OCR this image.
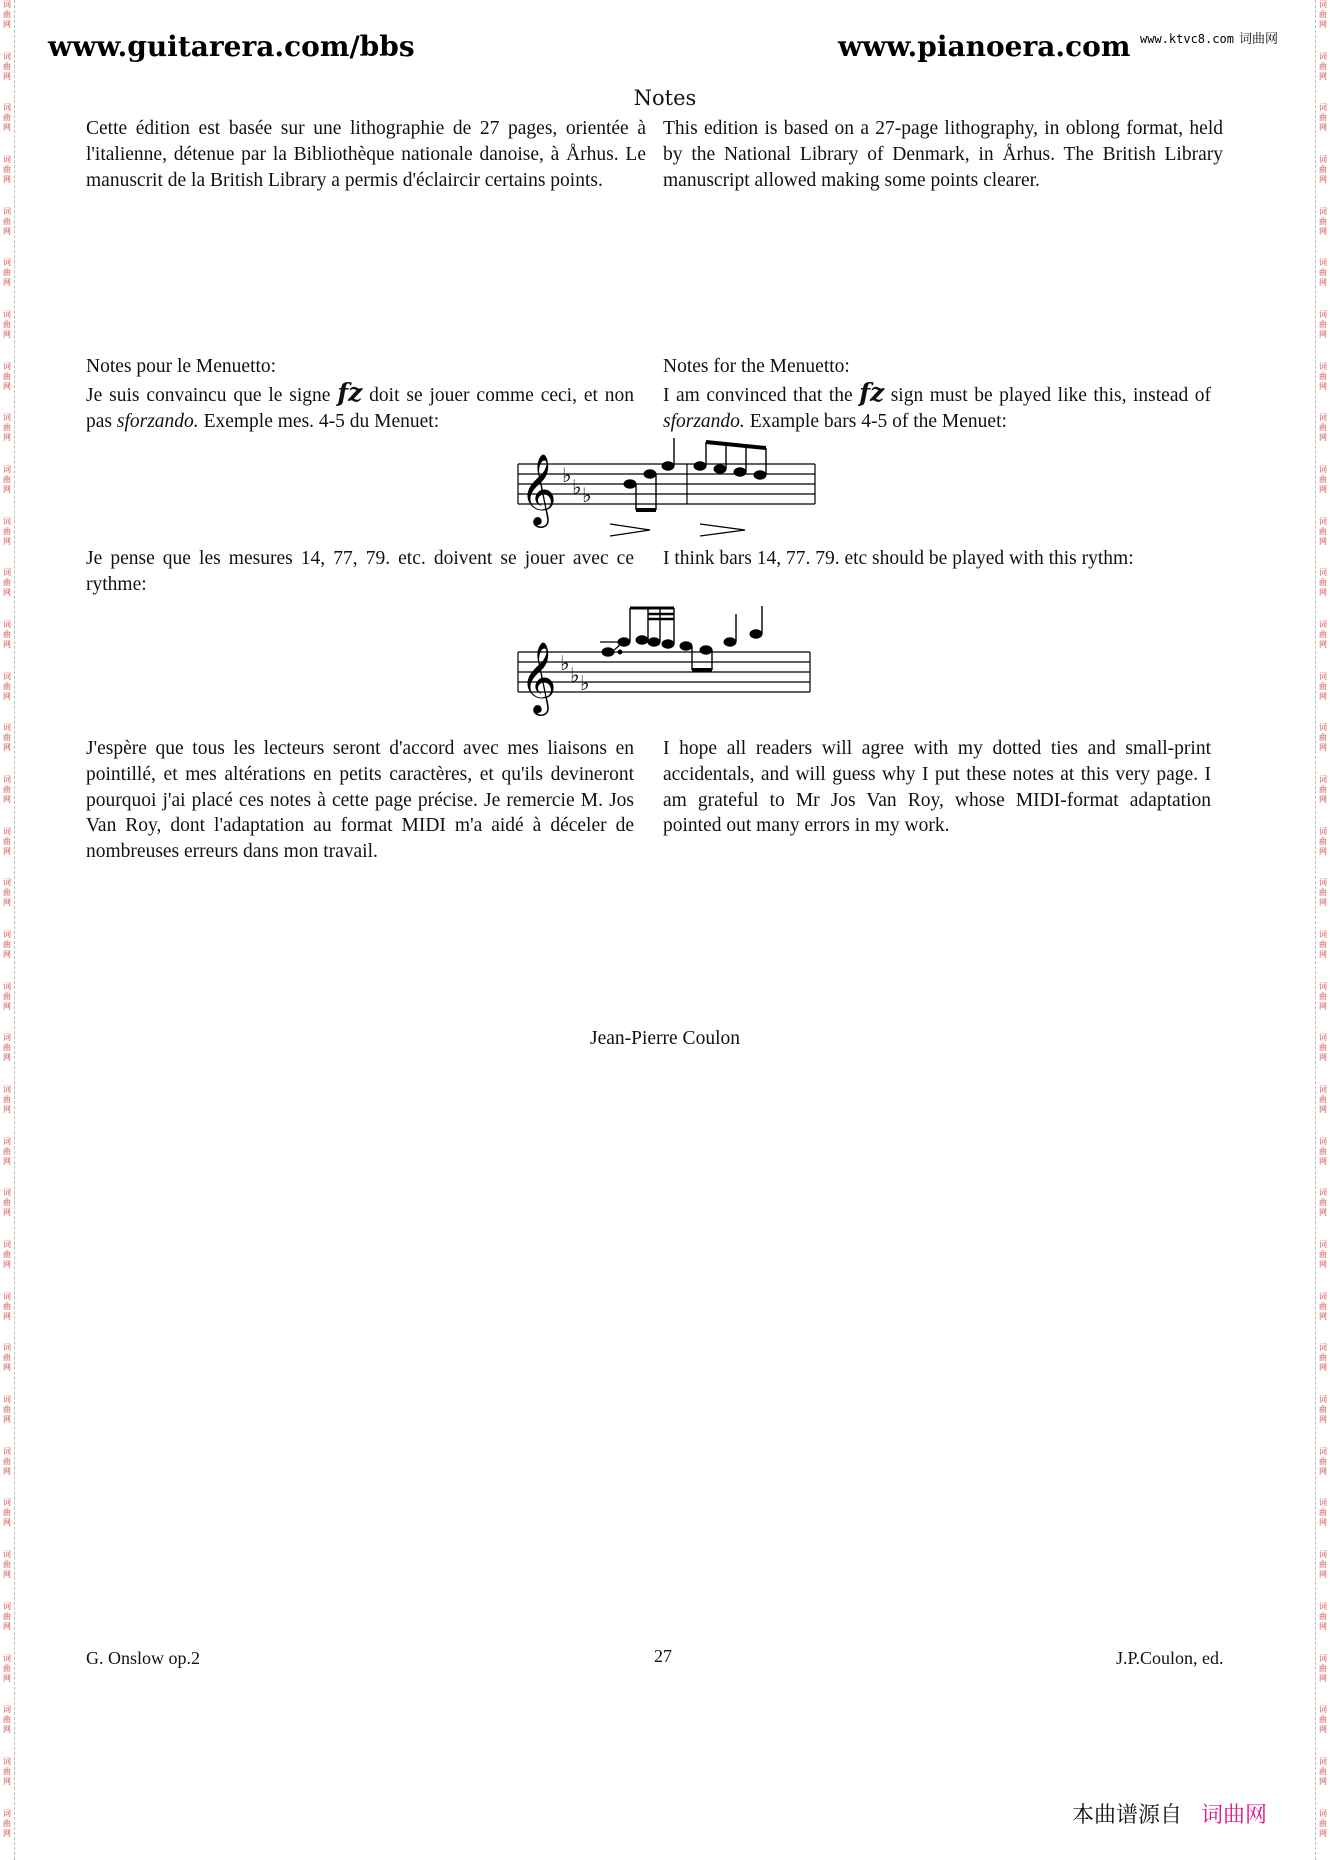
词
曲
网
词
曲
网
词
曲
网
词
曲
网
词
曲
网
词
曲
网
词
曲
网
词
曲
网
词
曲
网
词
曲
网
词
曲
网
词
曲
网
词
曲
网
词
曲
网
词
曲
网
词
曲
网
词
曲
网
词
曲
网
词
曲
网
词
曲
网
词
曲
网
词
曲
网
词
曲
网
词
曲
网
词
曲
网
词
曲
网
词
曲
网
词
曲
网
词
曲
网
词
曲
网
词
曲
网
词
曲
网
词
曲
网
词
曲
网
词
曲
网
词
曲
网
词
曲
网
词
曲
网
词
曲
网
词
曲
网
词
曲
网
词
曲
网
词
曲
网
词
曲
网
词
曲
网
词
曲
网
词
曲
网
词
曲
网
词
曲
网
词
曲
网
词
曲
网
词
曲
网
词
曲
网
词
曲
网
词
曲
网
词
曲
网
词
曲
网
词
曲
网
词
曲
网
词
曲
网
词
曲
网
词
曲
网
词
曲
网
词
曲
网
词
曲
网
词
曲
网
词
曲
网
词
曲
网
词
曲
网
词
曲
网
词
曲
网
词
曲
网
www.guitarera.com/bbs	www.pianoera.com www.ktvc8.com 词曲网
Notes
Cette édition est basée sur une lithographie de 27 pages, orientée à l'italienne, détenue par la Bibliothèque nationale danoise, à Århus. Le manuscrit de la British Library a permis d'éclaircir certains points.
This edition is based on a 27-page lithography, in oblong format, held by the National Library of Denmark, in Århus. The British Library manuscript allowed making some points clearer.
Notes pour le Menuetto:
Je suis convaincu que le signe fz doit se jouer comme ceci, et non pas sforzando. Exemple mes. 4-5 du Menuet:
Notes for the Menuetto:
I am convinced that the fz sign must be played like this, instead of sforzando. Example bars 4-5 of the Menuet:
𝄞 ♭ ♭ ♭
Je pense que les mesures 14, 77, 79. etc. doivent se jouer avec ce rythme:
I think bars 14, 77. 79. etc should be played with this rythm:
𝄞 ♭ ♭ ♭
J'espère que tous les lecteurs seront d'accord avec mes liaisons en pointillé, et mes altérations en petits caractères, et qu'ils devineront pourquoi j'ai placé ces notes à cette page précise. Je remercie M. Jos Van Roy, dont l'adaptation au format MIDI m'a aidé à déceler de nombreuses erreurs dans mon travail.
I hope all readers will agree with my dotted ties and small-print accidentals, and will guess why I put these notes at this very page. I am grateful to Mr Jos Van Roy, whose MIDI-format adaptation pointed out many errors in my work.
Jean-Pierre Coulon
G. Onslow op.2	27	J.P.Coulon, ed.
本曲谱源自 词曲网
